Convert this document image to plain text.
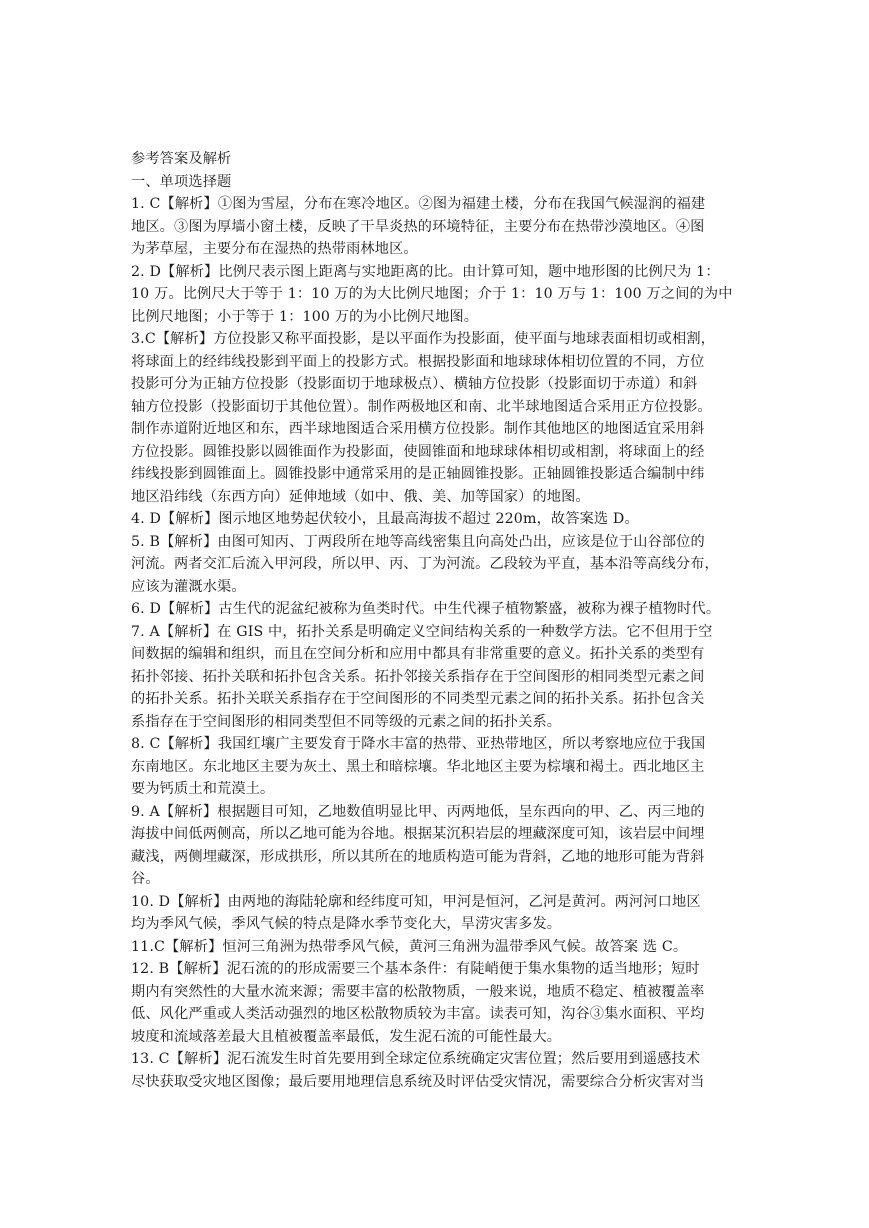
参考答案及解析
一、单项选择题
1. C【解析】①图为雪屋，分布在寒冷地区。②图为福建土楼，分布在我国气候湿润的福建
地区。③图为厚墙小窗土楼，反映了干旱炎热的环境特征，主要分布在热带沙漠地区。④图
为茅草屋，主要分布在湿热的热带雨林地区。
2. D【解析】比例尺表示图上距离与实地距离的比。由计算可知，题中地形图的比例尺为 1：
10 万。比例尺大于等于 1：10 万的为大比例尺地图；介于 1：10 万与 1：100 万之间的为中
比例尺地图；小于等于 1：100 万的为小比例尺地图。
3.C【解析】方位投影又称平面投影，是以平面作为投影面，使平面与地球表面相切或相割，
将球面上的经纬线投影到平面上的投影方式。根据投影面和地球球体相切位置的不同，方位
投影可分为正轴方位投影（投影面切于地球极点）、横轴方位投影（投影面切于赤道）和斜
轴方位投影（投影面切于其他位置）。制作两极地区和南、北半球地图适合采用正方位投影。
制作赤道附近地区和东，西半球地图适合采用横方位投影。制作其他地区的地图适宜采用斜
方位投影。圆锥投影以圆锥面作为投影面，使圆锥面和地球球体相切或相割，将球面上的经
纬线投影到圆锥面上。圆锥投影中通常采用的是正轴圆锥投影。正轴圆锥投影适合编制中纬
地区沿纬线（东西方向）延伸地域（如中、俄、美、加等国家）的地图。
4. D【解析】图示地区地势起伏较小，且最高海拔不超过 220m，故答案选 D。
5. B【解析】由图可知丙、丁两段所在地等高线密集且向高处凸出，应该是位于山谷部位的
河流。两者交汇后流入甲河段，所以甲、丙、丁为河流。乙段较为平直，基本沿等高线分布，
应该为灌溉水渠。
6. D【解析】古生代的泥盆纪被称为鱼类时代。中生代裸子植物繁盛，被称为裸子植物时代。
7. A【解析】在 GIS 中，拓扑关系是明确定义空间结构关系的一种数学方法。它不但用于空
间数据的编辑和组织，而且在空间分析和应用中都具有非常重要的意义。拓扑关系的类型有
拓扑邻接、拓扑关联和拓扑包含关系。拓扑邻接关系指存在于空间图形的相同类型元素之间
的拓扑关系。拓扑关联关系指存在于空间图形的不同类型元素之间的拓扑关系。拓扑包含关
系指存在于空间图形的相同类型但不同等级的元素之间的拓扑关系。
8. C【解析】我国红壤广主要发育于降水丰富的热带、亚热带地区，所以考察地应位于我国
东南地区。东北地区主要为灰土、黑土和暗棕壤。华北地区主要为棕壤和褐土。西北地区主
要为钙质土和荒漠土。
9. A【解析】根据题目可知，乙地数值明显比甲、丙两地低，呈东西向的甲、乙、丙三地的
海拔中间低两侧高，所以乙地可能为谷地。根据某沉积岩层的埋藏深度可知，该岩层中间埋
藏浅，两侧埋藏深，形成拱形，所以其所在的地质构造可能为背斜，乙地的地形可能为背斜
谷。
10. D【解析】由两地的海陆轮廓和经纬度可知，甲河是恒河，乙河是黄河。两河河口地区
均为季风气候，季风气候的特点是降水季节变化大，旱涝灾害多发。
11.C【解析】恒河三角洲为热带季风气候，黄河三角洲为温带季风气候。故答案 选 C。
12. B【解析】泥石流的的形成需要三个基本条件：有陡峭便于集水集物的适当地形；短时
期内有突然性的大量水流来源；需要丰富的松散物质，一般来说，地质不稳定、植被覆盖率
低、风化严重或人类活动强烈的地区松散物质较为丰富。读表可知，沟谷③集水面积、平均
坡度和流域落差最大且植被覆盖率最低，发生泥石流的可能性最大。
13. C【解析】泥石流发生时首先要用到全球定位系统确定灾害位置；然后要用到遥感技术
尽快获取受灾地区图像；最后要用地理信息系统及时评估受灾情况，需要综合分析灾害对当
